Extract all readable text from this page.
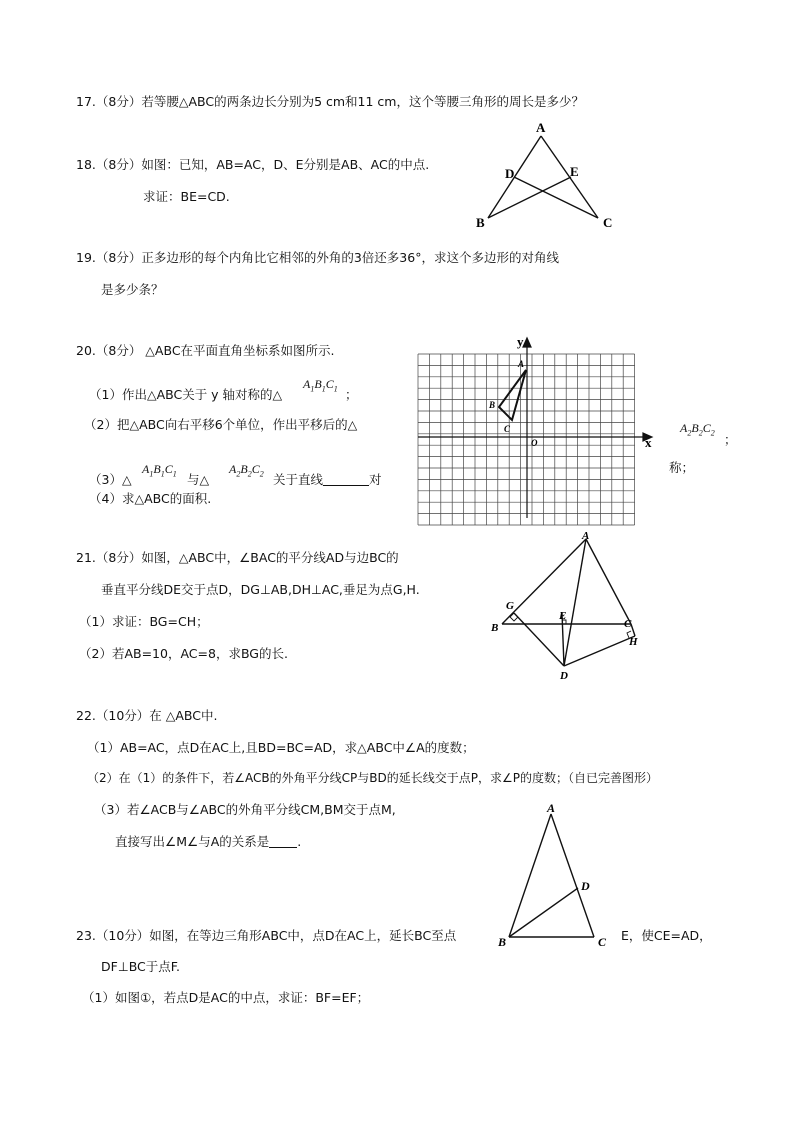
17.（8分）若等腰△ABC的两条边长分别为5 cm和11 cm，这个等腰三角形的周长是多少？
18.（8分）如图：已知，AB=AC，D、E分别是AB、AC的中点.
求证：BE=CD.
A
B	C
D	E
19.（8分）正多边形的每个内角比它相邻的外角的3倍还多36°，求这个多边形的对角线
是多少条？
20.（8分） △ABC在平面直角坐标系如图所示.
（1）作出△ABC关于 y 轴对称的△
$A_1B_1C_1$ ；
（2）把△ABC向右平移6个单位，作出平移后的△	$A_2B_2C_2$ ；
（3）△
$A_1B_1C_1$ 与△
$A_2B_2C_2$ 关于直线	对
称；
（4）求△ABC的面积.
x
y
O
A
B
C
21.（8分）如图，△ABC中，∠BAC的平分线AD与边BC的
垂直平分线DE交于点D，DG⊥AB,DH⊥AC,垂足为点G,H.
（1）求证：BG=CH；
（2）若AB=10，AC=8，求BG的长.
A
B	C
D
E
G
H
22.（10分）在 △ABC中.
（1）AB=AC，点D在AC上,且BD=BC=AD，求△ABC中∠A的度数；
（2）在（1）的条件下，若∠ACB的外角平分线CP与BD的延长线交于点P，求∠P的度数；（自已完善图形）
（3）若∠ACB与∠ABC的外角平分线CM,BM交于点M,
直接写出∠M∠与A的关系是 .
A
B	C
D
23.（10分）如图，在等边三角形ABC中，点D在AC上，延长BC至点	E，使CE=AD，
DF⊥BC于点F.
（1）如图①，若点D是AC的中点，求证：BF=EF；
